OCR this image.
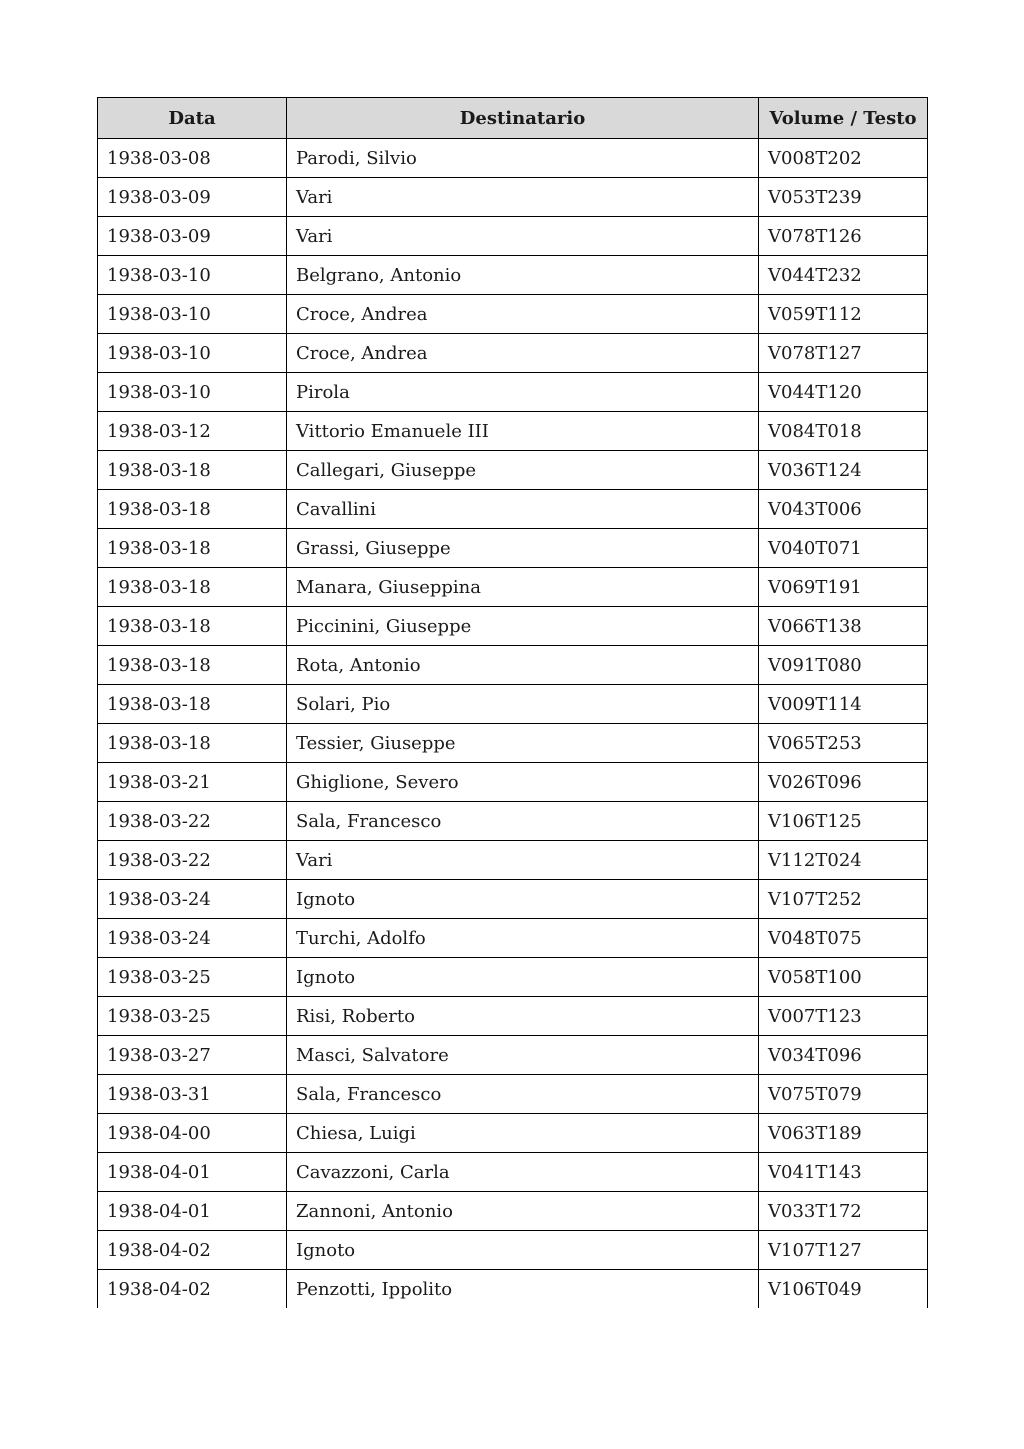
Data	Destinatario	Volume / Testo
1938-03-08	Parodi, Silvio	V008T202
1938-03-09	Vari	V053T239
1938-03-09	Vari	V078T126
1938-03-10	Belgrano, Antonio	V044T232
1938-03-10	Croce, Andrea	V059T112
1938-03-10	Croce, Andrea	V078T127
1938-03-10	Pirola	V044T120
1938-03-12	Vittorio Emanuele III	V084T018
1938-03-18	Callegari, Giuseppe	V036T124
1938-03-18	Cavallini	V043T006
1938-03-18	Grassi, Giuseppe	V040T071
1938-03-18	Manara, Giuseppina	V069T191
1938-03-18	Piccinini, Giuseppe	V066T138
1938-03-18	Rota, Antonio	V091T080
1938-03-18	Solari, Pio	V009T114
1938-03-18	Tessier, Giuseppe	V065T253
1938-03-21	Ghiglione, Severo	V026T096
1938-03-22	Sala, Francesco	V106T125
1938-03-22	Vari	V112T024
1938-03-24	Ignoto	V107T252
1938-03-24	Turchi, Adolfo	V048T075
1938-03-25	Ignoto	V058T100
1938-03-25	Risi, Roberto	V007T123
1938-03-27	Masci, Salvatore	V034T096
1938-03-31	Sala, Francesco	V075T079
1938-04-00	Chiesa, Luigi	V063T189
1938-04-01	Cavazzoni, Carla	V041T143
1938-04-01	Zannoni, Antonio	V033T172
1938-04-02	Ignoto	V107T127
1938-04-02	Penzotti, Ippolito	V106T049
